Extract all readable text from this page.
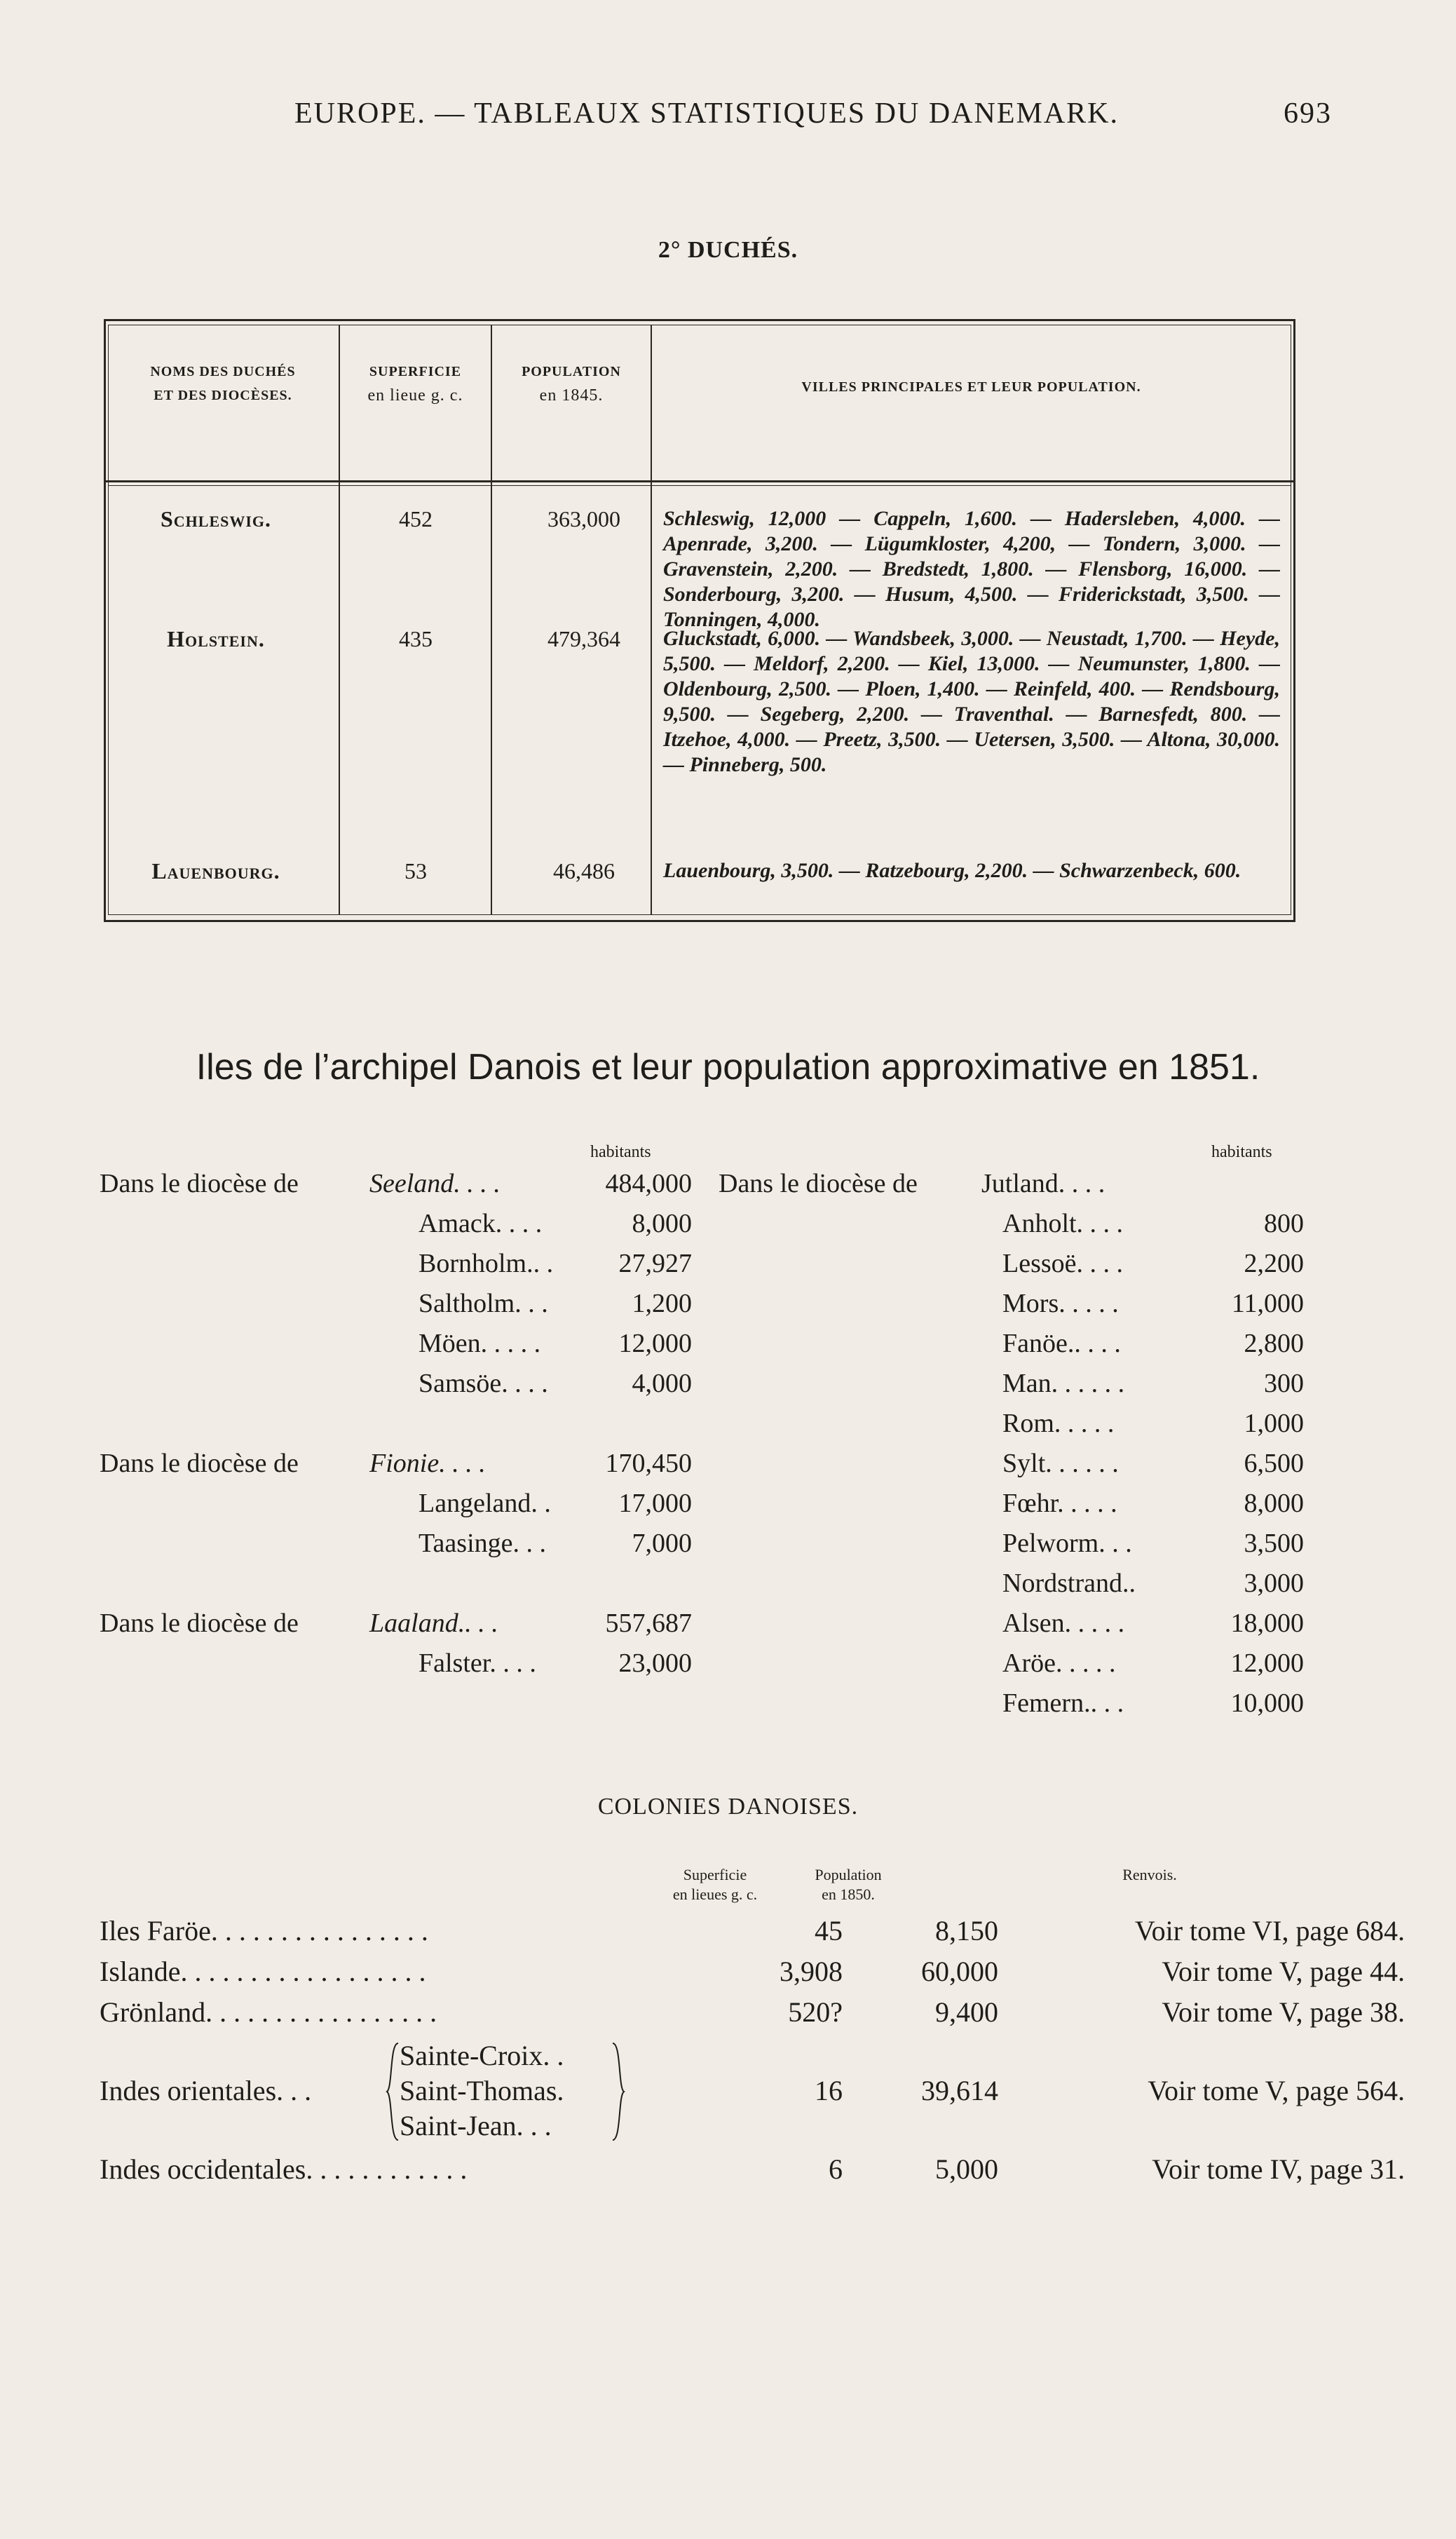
EUROPE. — TABLEAUX STATISTIQUES DU DANEMARK.	693
2° DUCHÉS.
NOMS DES DUCHÉS
ET DES DIOCÈSES.
SUPERFICIE
en lieue g. c.
POPULATION
en 1845.	VILLES PRINCIPALES ET LEUR POPULATION.
Schleswig.	452	363,000	Schleswig, 12,000 — Cappeln, 1,600. — Hadersleben, 4,000. — Apenrade, 3,200. — Lügumkloster, 4,200, — Tondern, 3,000. — Gravenstein, 2,200. — Bredstedt, 1,800. — Flensborg, 16,000. — Sonderbourg, 3,200. — Husum, 4,500. — Friderickstadt, 3,500. — Tonningen, 4,000.
Holstein.	435	479,364	Gluckstadt, 6,000. — Wandsbeek, 3,000. — Neustadt, 1,700. — Heyde, 5,500. — Meldorf, 2,200. — Kiel, 13,000. — Neumunster, 1,800. — Oldenbourg, 2,500. — Ploen, 1,400. — Reinfeld, 400. — Rendsbourg, 9,500. — Segeberg, 2,200. — Traventhal. — Barnesfedt, 800. — Itzehoe, 4,000. — Preetz, 3,500. — Uetersen, 3,500. — Altona, 30,000. — Pinneberg, 500.
Lauenbourg.	53	46,486	Lauenbourg, 3,500. — Ratzebourg, 2,200. — Schwarzenbeck, 600.
Iles de l’archipel Danois et leur population approximative en 1851.
habitants	habitants
Dans le diocèse de	Seeland. . . .	484,000
Amack. . . .	8,000
Bornholm.. .	27,927
Saltholm. . .	1,200
Möen. . . . .	12,000
Samsöe. . . .	4,000
Dans le diocèse de	Fionie. . . .	170,450
Langeland. .	17,000
Taasinge. . .	7,000
Dans le diocèse de	Laaland.. . .	557,687
Falster. . . .	23,000
Dans le diocèse de Jutland. . . .
Anholt. . . .	800
Lessoë. . . .	2,200
Mors. . . . .	11,000
Fanöe.. . . .	2,800
Man. . . . . .	300
Rom. . . . .	1,000
Sylt. . . . . .	6,500
Fœhr. . . . .	8,000
Pelworm. . .	3,500
Nordstrand..	3,000
Alsen. . . . .	18,000
Aröe. . . . .	12,000
Femern.. . .	10,000
COLONIES DANOISES.
Superficie
en lieues g. c.
Population
en 1850.
Renvois.
Iles Faröe. . . . . . . . . . . . . . . .	45	8,150	Voir tome VI, page 684.
Islande. . . . . . . . . . . . . . . . . .	3,908	60,000	Voir tome V, page 44.
Grönland. . . . . . . . . . . . . . . . .	520?	9,400	Voir tome V, page 38.
Sainte-Croix. .
Saint-Thomas.
Saint-Jean. . .
Indes orientales. . .	16	39,614	Voir tome V, page 564.
Indes occidentales. . . . . . . . . . . .	6	5,000	Voir tome IV, page 31.
